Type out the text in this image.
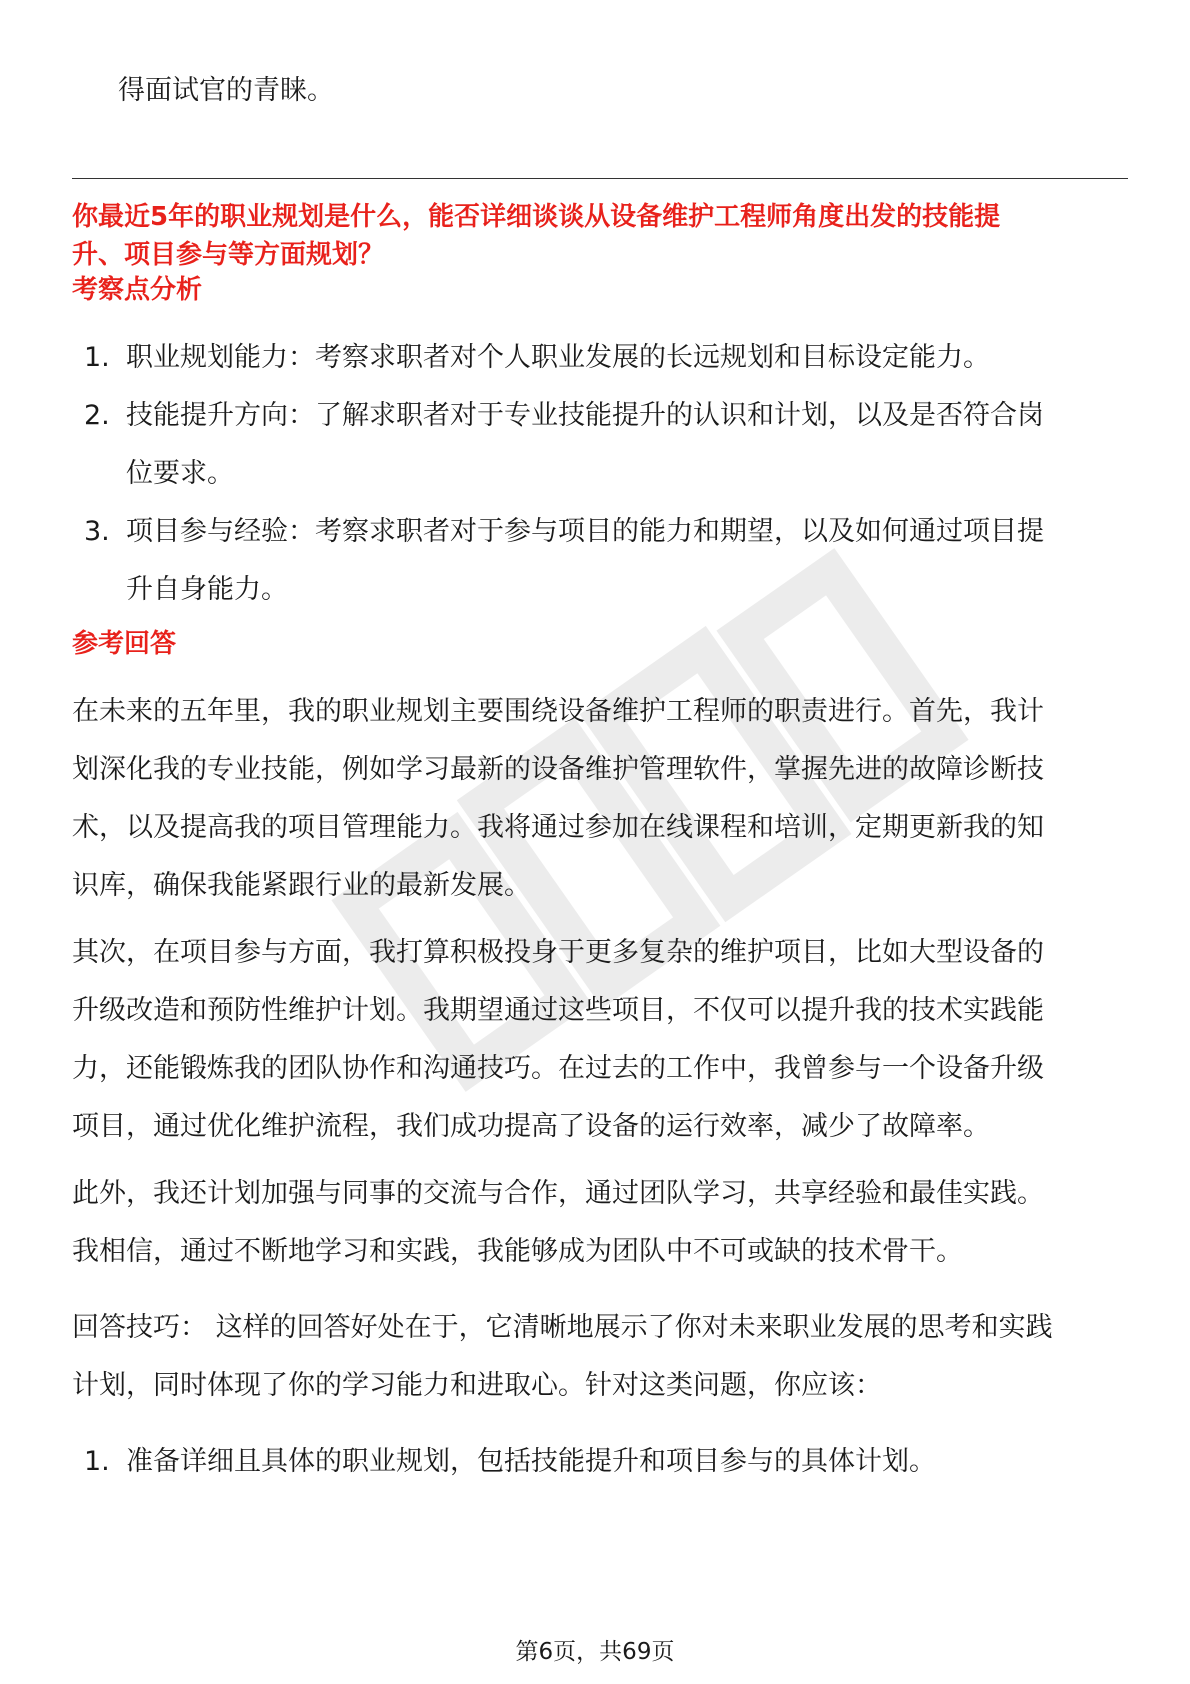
得面试官的青睐。
你最近5年的职业规划是什么，能否详细谈谈从设备维护工程师角度出发的技能提
升、项目参与等方面规划？
考察点分析
1. 职业规划能力：考察求职者对个人职业发展的长远规划和目标设定能力。
2. 技能提升方向：了解求职者对于专业技能提升的认识和计划，以及是否符合岗
位要求。
3. 项目参与经验：考察求职者对于参与项目的能力和期望，以及如何通过项目提
升自身能力。
参考回答
在未来的五年里，我的职业规划主要围绕设备维护工程师的职责进行。首先，我计
划深化我的专业技能，例如学习最新的设备维护管理软件，掌握先进的故障诊断技
术，以及提高我的项目管理能力。我将通过参加在线课程和培训，定期更新我的知
识库，确保我能紧跟行业的最新发展。
其次，在项目参与方面，我打算积极投身于更多复杂的维护项目，比如大型设备的
升级改造和预防性维护计划。我期望通过这些项目，不仅可以提升我的技术实践能
力，还能锻炼我的团队协作和沟通技巧。在过去的工作中，我曾参与一个设备升级
项目，通过优化维护流程，我们成功提高了设备的运行效率，减少了故障率。
此外，我还计划加强与同事的交流与合作，通过团队学习，共享经验和最佳实践。
我相信，通过不断地学习和实践，我能够成为团队中不可或缺的技术骨干。
回答技巧： 这样的回答好处在于，它清晰地展示了你对未来职业发展的思考和实践
计划，同时体现了你的学习能力和进取心。针对这类问题，你应该：
1. 准备详细且具体的职业规划，包括技能提升和项目参与的具体计划。
第6页，共69页
